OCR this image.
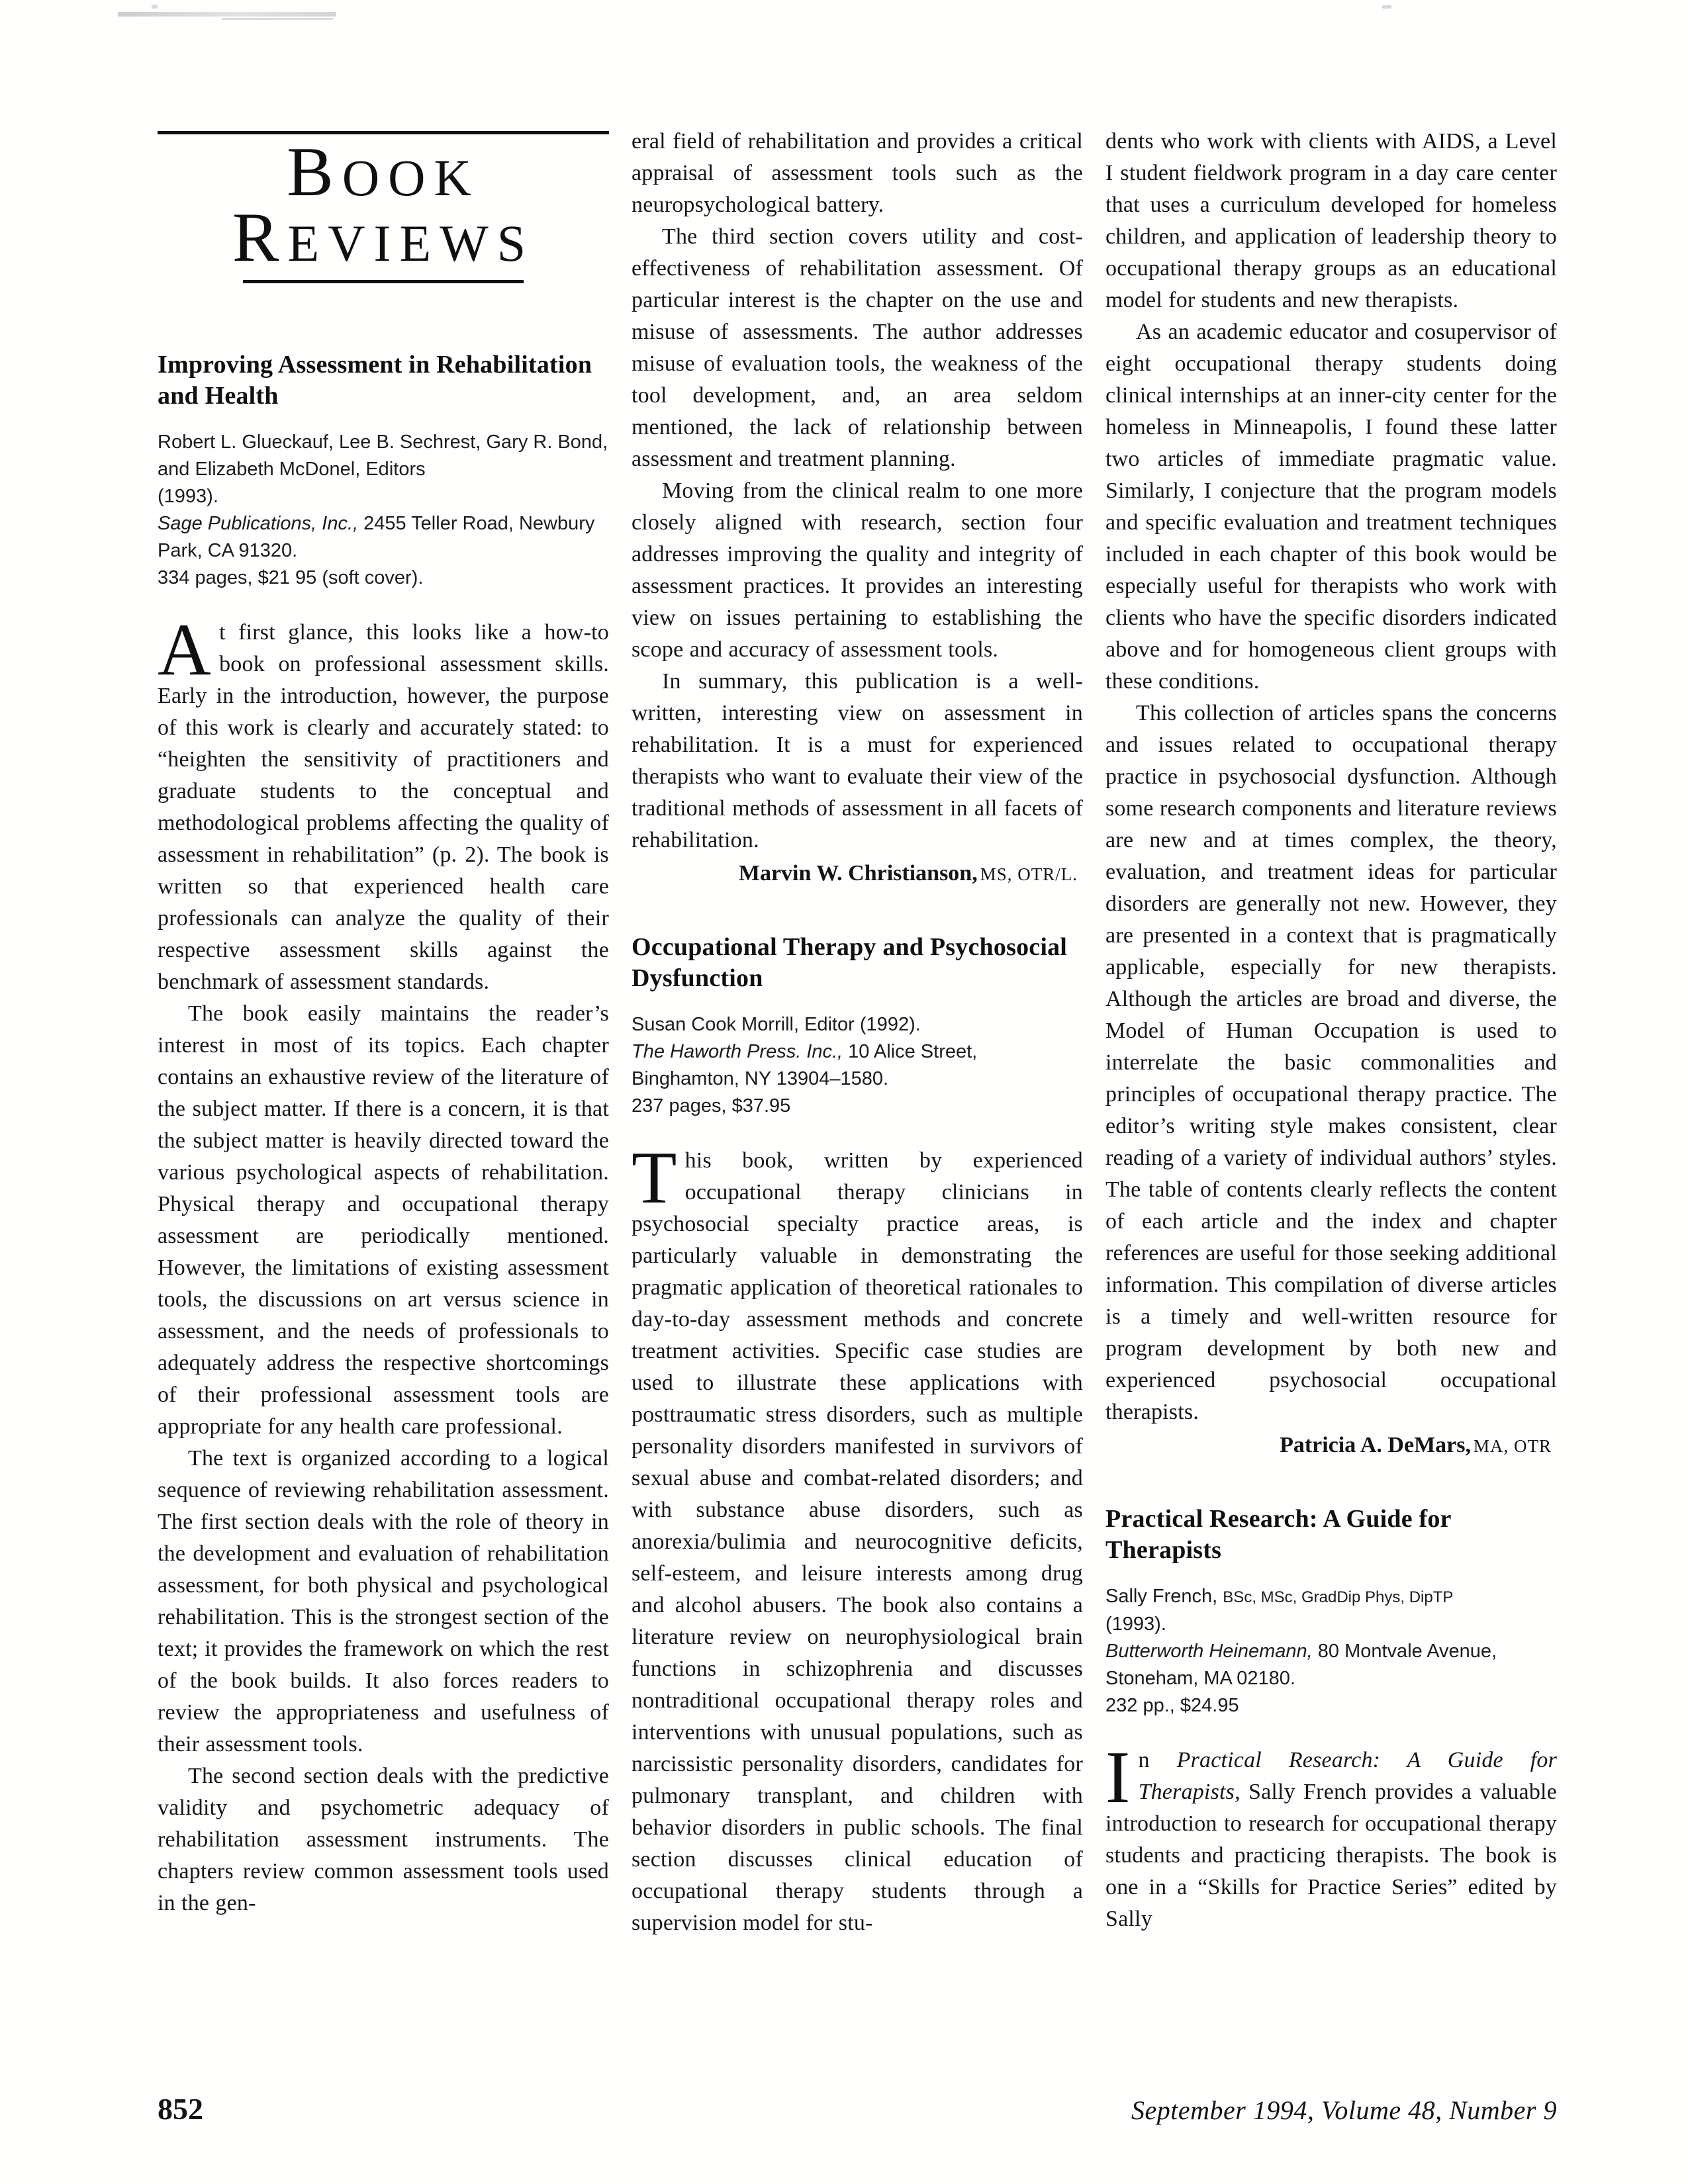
BOOK
REVIEWS
Improving Assessment in Rehabilitation and Health
Robert L. Glueckauf, Lee B. Sechrest, Gary R. Bond, and Elizabeth McDonel, Editors
(1993).
Sage Publications, Inc., 2455 Teller Road, Newbury Park, CA 91320.
334 pages, $21 95 (soft cover).

At first glance, this looks like a how-to book on professional assessment skills. Early in the introduction, however, the purpose of this work is clearly and accurately stated: to “heighten the sensitivity of practitioners and graduate students to the conceptual and methodological problems affecting the quality of assessment in rehabilitation” (p. 2). The book is written so that experienced health care professionals can analyze the quality of their respective assessment skills against the benchmark of assessment standards.

The book easily maintains the reader’s interest in most of its topics. Each chapter contains an exhaustive review of the literature of the subject matter. If there is a concern, it is that the subject matter is heavily directed toward the various psychological aspects of rehabilitation. Physical therapy and occupational therapy assessment are periodically mentioned. However, the limitations of existing assessment tools, the discussions on art versus science in assessment, and the needs of professionals to adequately address the respective shortcomings of their professional assessment tools are appropriate for any health care professional.

The text is organized according to a logical sequence of reviewing rehabilitation assessment. The first section deals with the role of theory in the development and evaluation of rehabilitation assessment, for both physical and psychological rehabilitation. This is the strongest section of the text; it provides the framework on which the rest of the book builds. It also forces readers to review the appropriateness and usefulness of their assessment tools.

The second section deals with the predictive validity and psychometric adequacy of rehabilitation assessment instruments. The chapters review common assessment tools used in the gen-

eral field of rehabilitation and provides a critical appraisal of assessment tools such as the neuropsychological battery.

The third section covers utility and cost-effectiveness of rehabilitation assessment. Of particular interest is the chapter on the use and misuse of assessments. The author addresses misuse of evaluation tools, the weakness of the tool development, and, an area seldom mentioned, the lack of relationship between assessment and treatment planning.

Moving from the clinical realm to one more closely aligned with research, section four addresses improving the quality and integrity of assessment practices. It provides an interesting view on issues pertaining to establishing the scope and accuracy of assessment tools.

In summary, this publication is a well-written, interesting view on assessment in rehabilitation. It is a must for experienced therapists who want to evaluate their view of the traditional methods of assessment in all facets of rehabilitation.

Marvin W. Christianson, MS, OTR/L.
Occupational Therapy and Psychosocial Dysfunction
Susan Cook Morrill, Editor (1992).
The Haworth Press. Inc., 10 Alice Street, Binghamton, NY 13904–1580.
237 pages, $37.95

This book, written by experienced occupational therapy clinicians in psychosocial specialty practice areas, is particularly valuable in demonstrating the pragmatic application of theoretical rationales to day-to-day assessment methods and concrete treatment activities. Specific case studies are used to illustrate these applications with posttraumatic stress disorders, such as multiple personality disorders manifested in survivors of sexual abuse and combat-related disorders; and with substance abuse disorders, such as anorexia/bulimia and neurocognitive deficits, self-esteem, and leisure interests among drug and alcohol abusers. The book also contains a literature review on neurophysiological brain functions in schizophrenia and discusses nontraditional occupational therapy roles and interventions with unusual populations, such as narcissistic personality disorders, candidates for pulmonary transplant, and children with behavior disorders in public schools. The final section discusses clinical education of occupational therapy students through a supervision model for stu-

dents who work with clients with AIDS, a Level I student fieldwork program in a day care center that uses a curriculum developed for homeless children, and application of leadership theory to occupational therapy groups as an educational model for students and new therapists.

As an academic educator and cosupervisor of eight occupational therapy students doing clinical internships at an inner-city center for the homeless in Minneapolis, I found these latter two articles of immediate pragmatic value. Similarly, I conjecture that the program models and specific evaluation and treatment techniques included in each chapter of this book would be especially useful for therapists who work with clients who have the specific disorders indicated above and for homogeneous client groups with these conditions.

This collection of articles spans the concerns and issues related to occupational therapy practice in psychosocial dysfunction. Although some research components and literature reviews are new and at times complex, the theory, evaluation, and treatment ideas for particular disorders are generally not new. However, they are presented in a context that is pragmatically applicable, especially for new therapists. Although the articles are broad and diverse, the Model of Human Occupation is used to interrelate the basic commonalities and principles of occupational therapy practice. The editor’s writing style makes consistent, clear reading of a variety of individual authors’ styles. The table of contents clearly reflects the content of each article and the index and chapter references are useful for those seeking additional information. This compilation of diverse articles is a timely and well-written resource for program development by both new and experienced psychosocial occupational therapists.

Patricia A. DeMars, MA, OTR
Practical Research: A Guide for Therapists
Sally French, BSc, MSc, GradDip Phys, DipTP
(1993).
Butterworth Heinemann, 80 Montvale Avenue, Stoneham, MA 02180.
232 pp., $24.95

In Practical Research: A Guide for Therapists, Sally French provides a valuable introduction to research for occupational therapy students and practicing therapists. The book is one in a “Skills for Practice Series” edited by Sally

852	September 1994, Volume 48, Number 9
